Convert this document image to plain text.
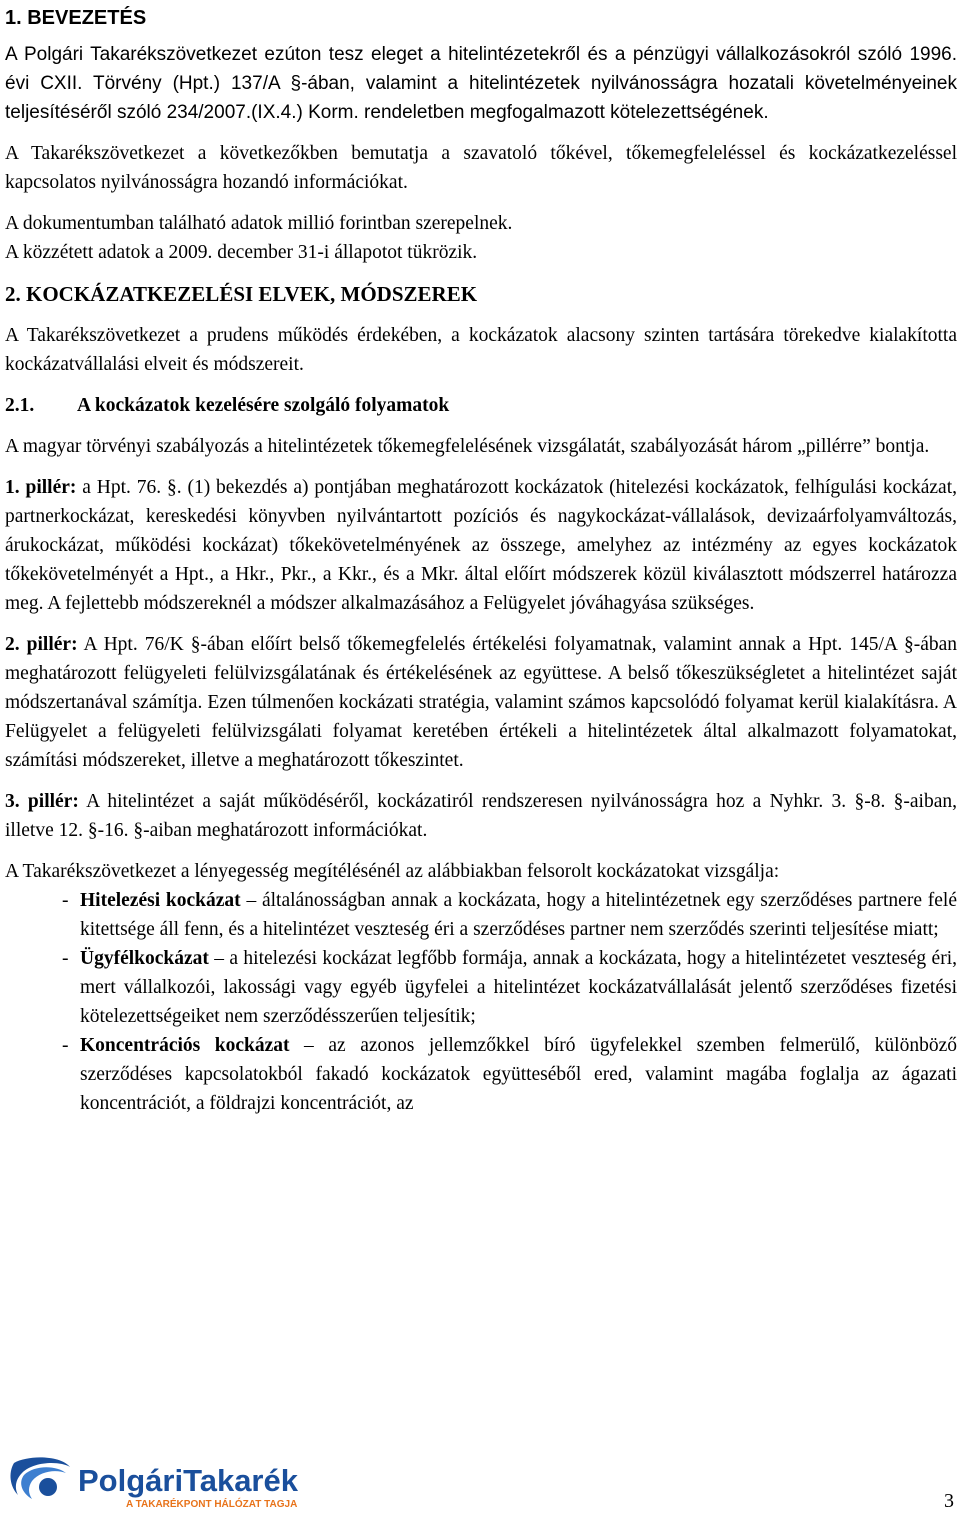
1. BEVEZETÉS

A Polgári Takarékszövetkezet ezúton tesz eleget a hitelintézetekről és a pénzügyi vállalkozásokról szóló 1996. évi CXII. Törvény (Hpt.) 137/A §-ában, valamint a hitelintézetek nyilvánosságra hozatali követelményeinek teljesítéséről szóló 234/2007.(IX.4.) Korm. rendeletben megfogalmazott kötelezettségének.

A Takarékszövetkezet a következőkben bemutatja a szavatoló tőkével, tőkemegfeleléssel és kockázatkezeléssel kapcsolatos nyilvánosságra hozandó információkat.

A dokumentumban található adatok millió forintban szerepelnek.

A közzétett adatok a 2009. december 31-i állapotot tükrözik.

2. KOCKÁZATKEZELÉSI ELVEK, MÓDSZEREK

A Takarékszövetkezet a prudens működés érdekében, a kockázatok alacsony szinten tartására törekedve kialakította kockázatvállalási elveit és módszereit.

2.1. A kockázatok kezelésére szolgáló folyamatok

A magyar törvényi szabályozás a hitelintézetek tőkemegfelelésének vizsgálatát, szabályozását három „pillérre” bontja.

1. pillér: a Hpt. 76. §. (1) bekezdés a) pontjában meghatározott kockázatok (hitelezési kockázatok, felhígulási kockázat, partnerkockázat, kereskedési könyvben nyilvántartott pozíciós és nagykockázat-vállalások, devizaárfolyamváltozás, árukockázat, működési kockázat) tőkekövetelményének az összege, amelyhez az intézmény az egyes kockázatok tőkekövetelményét a Hpt., a Hkr., Pkr., a Kkr., és a Mkr. által előírt módszerek közül kiválasztott módszerrel határozza meg. A fejlettebb módszereknél a módszer alkalmazásához a Felügyelet jóváhagyása szükséges.

2. pillér: A Hpt. 76/K §-ában előírt belső tőkemegfelelés értékelési folyamatnak, valamint annak a Hpt. 145/A §-ában meghatározott felügyeleti felülvizsgálatának és értékelésének az együttese. A belső tőkeszükségletet a hitelintézet saját módszertanával számítja. Ezen túlmenően kockázati stratégia, valamint számos kapcsolódó folyamat kerül kialakításra. A Felügyelet a felügyeleti felülvizsgálati folyamat keretében értékeli a hitelintézetek által alkalmazott folyamatokat, számítási módszereket, illetve a meghatározott tőkeszintet.

3. pillér: A hitelintézet a saját működéséről, kockázatiról rendszeresen nyilvánosságra hoz a Nyhkr. 3. §-8. §-aiban, illetve 12. §-16. §-aiban meghatározott információkat.

A Takarékszövetkezet a lényegesség megítélésénél az alábbiakban felsorolt kockázatokat vizsgálja:

- Hitelezési kockázat – általánosságban annak a kockázata, hogy a hitelintézetnek egy szerződéses partnere felé kitettsége áll fenn, és a hitelintézet veszteség éri a szerződéses partner nem szerződés szerinti teljesítése miatt;
- Ügyfélkockázat – a hitelezési kockázat legfőbb formája, annak a kockázata, hogy a hitelintézetet veszteség éri, mert vállalkozói, lakossági vagy egyéb ügyfelei a hitelintézet kockázatvállalását jelentő szerződéses fizetési kötelezettségeiket nem szerződésszerűen teljesítik;
- Koncentrációs kockázat – az azonos jellemzőkkel bíró ügyfelekkel szemben felmerülő, különböző szerződéses kapcsolatokból fakadó kockázatok együtteséből ered, valamint magába foglalja az ágazati koncentrációt, a földrajzi koncentrációt, az
PolgáriTakarék
A TAKARÉKPONT HÁLÓZAT TAGJA	3
